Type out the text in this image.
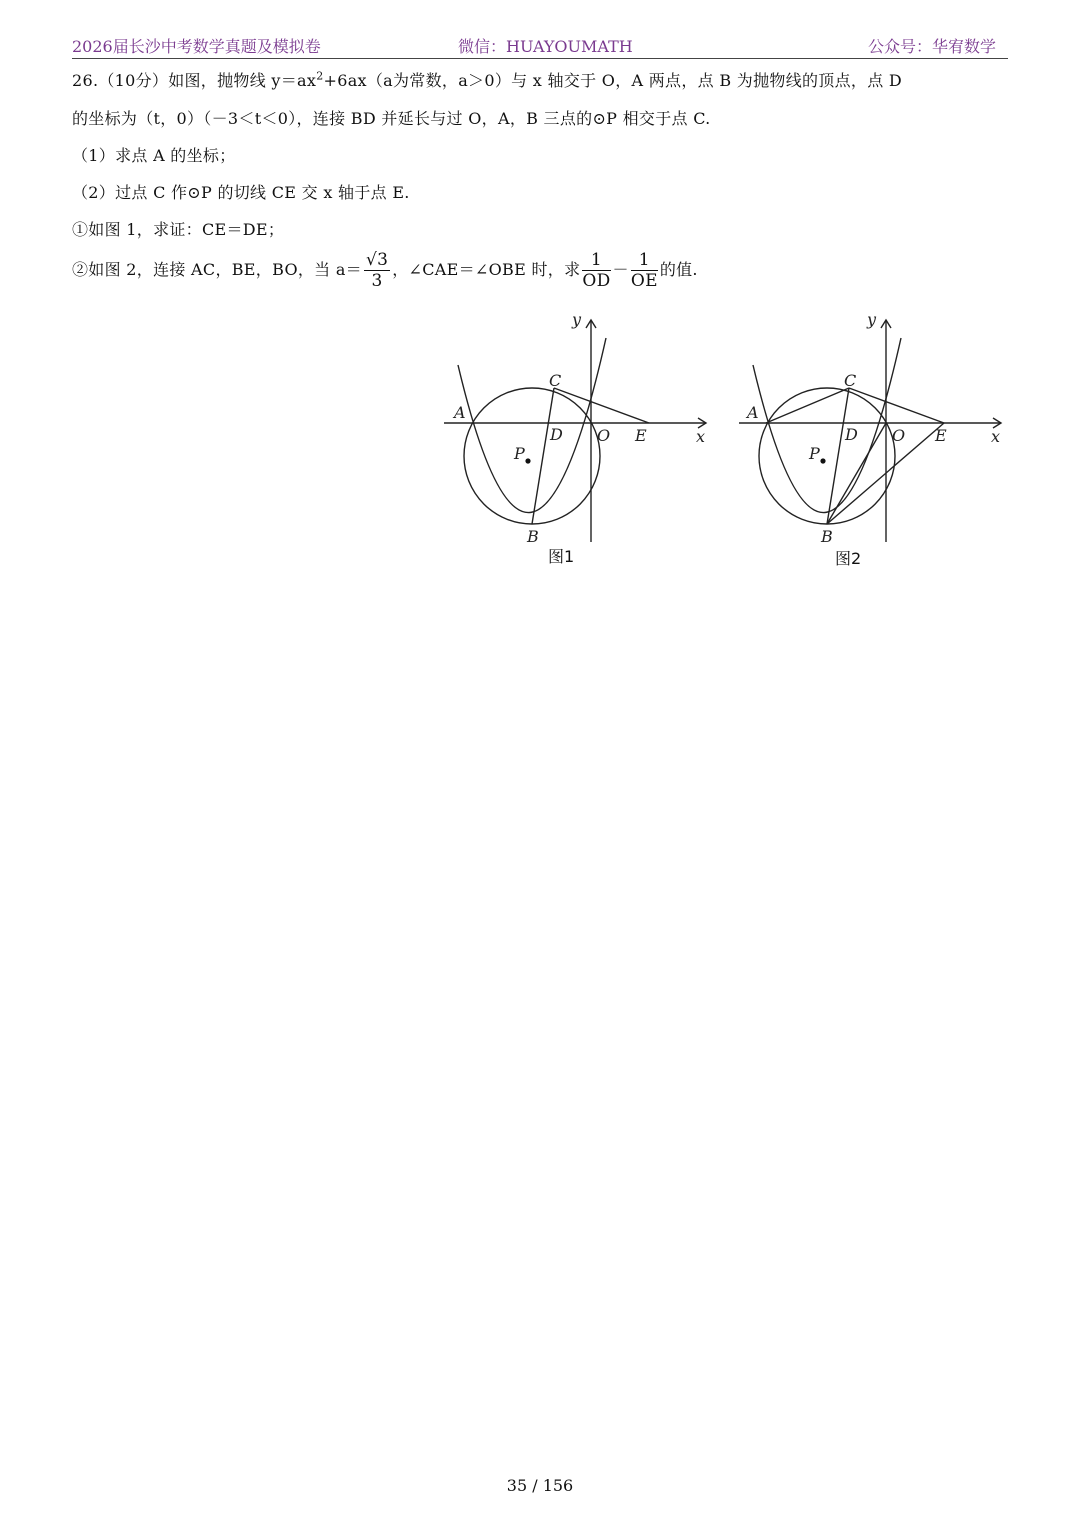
2026届长沙中考数学真题及模拟卷	微信：HUAYOUMATH	公众号：华宥数学
26.（10分）如图，抛物线 $y=ax^2+6ax(a$为常数，a＞0）与 x 轴交于 O，A 两点，点 B 为抛物线的顶点，点 D
的坐标为（t，0）（－3＜t＜0），连接 BD 并延长与过 O，A，B 三点的⊙P 相交于点 C.
（1）求点 A 的坐标；
（2）过点 C 作⊙P 的切线 CE 交 x 轴于点 E.
①如图 1，求证：CE＝DE；
②如图 2，连接 AC，BE，BO，当 $a= \frac{√3}{3}$ ，∠CAE＝∠OBE 时，求 $\frac{1}{OD} - \frac{1}{OE}$ 的值.
y
x
A
C
D O E
P
B
图1
y
x
A
C
D O E
P
B
图2
35 / 156
